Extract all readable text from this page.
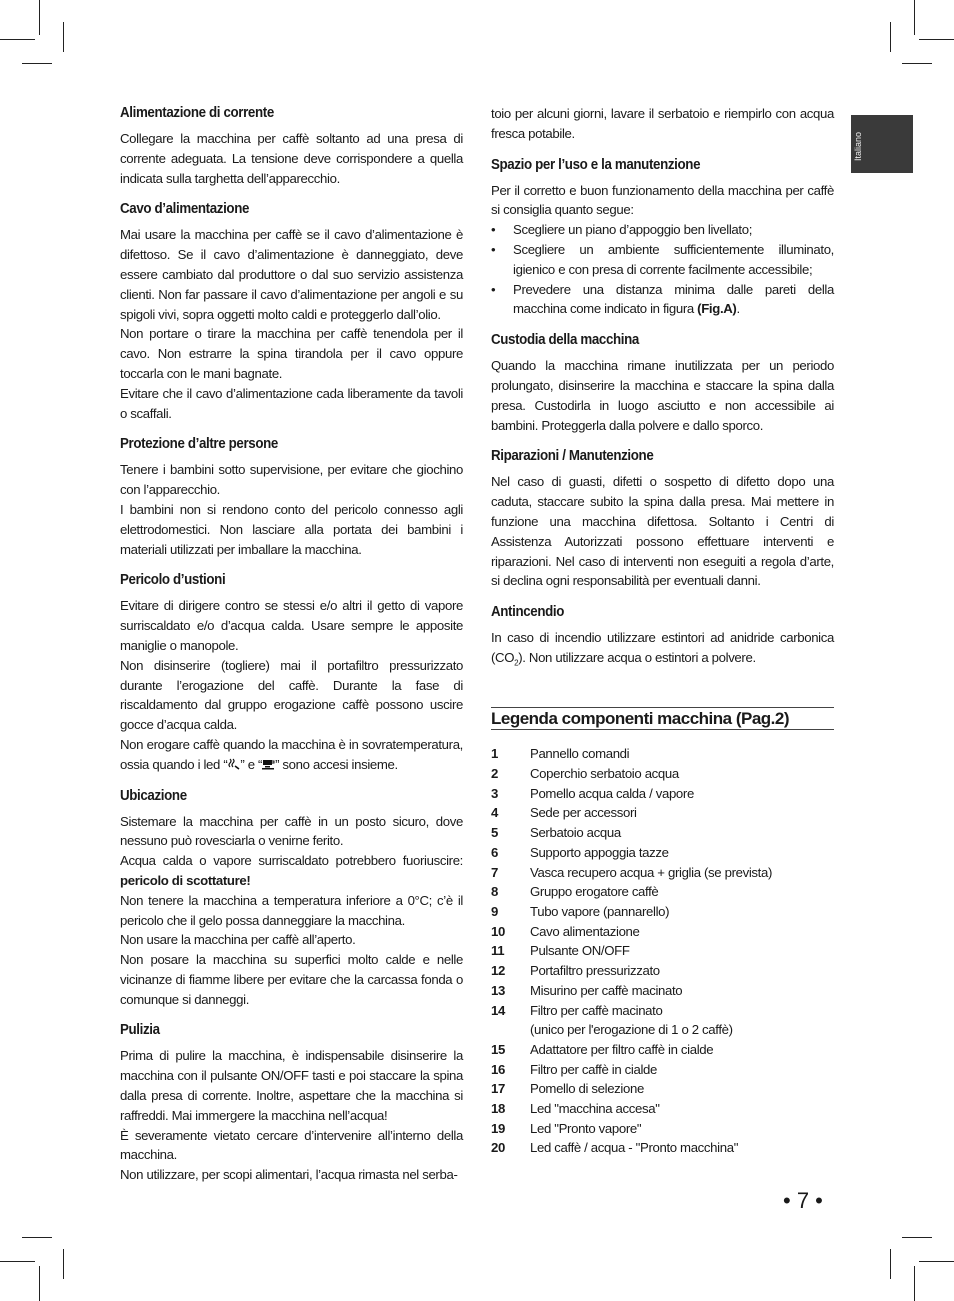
Italiano
Alimentazione di corrente

Collegare la macchina per caffè soltanto ad una presa di corrente adeguata. La tensione deve corrispondere a quella indicata sulla targhetta dell’apparecchio.

Cavo d’alimentazione

Mai usare la macchina per caffè se il cavo d’alimentazione è difettoso. Se il cavo d’alimentazione è danneggiato, deve essere cambiato dal produttore o dal suo servizio assistenza clienti. Non far passare il cavo d’alimentazione per angoli e su spigoli vivi, sopra oggetti molto caldi e proteggerlo dall’olio.

Non portare o tirare la macchina per caffè tenendola per il cavo. Non estrarre la spina tirandola per il cavo oppure toccarla con le mani bagnate.

Evitare che il cavo d’alimentazione cada liberamente da tavoli o scaffali.

Protezione d’altre persone

Tenere i bambini sotto supervisione, per evitare che giochino con l’apparecchio.

I bambini non si rendono conto del pericolo connesso agli elettrodomestici. Non lasciare alla portata dei bambini i materiali utilizzati per imballare la macchina.

Pericolo d’ustioni

Evitare di dirigere contro se stessi e/o altri il getto di vapore surriscaldato e/o d’acqua calda. Usare sempre le apposite maniglie o manopole.

Non disinserire (togliere) mai il portafiltro pressurizzato durante l’erogazione del caffè. Durante la fase di riscaldamento dal gruppo erogazione caffè possono uscire gocce d’acqua calda.

Non erogare caffè quando la macchina è in sovratemperatura, ossia quando i led “ ” e “ ” sono accesi insieme.

Ubicazione

Sistemare la macchina per caffè in un posto sicuro, dove nessuno può rovesciarla o venirne ferito.

Acqua calda o vapore surriscaldato potrebbero fuoriuscire: pericolo di scottature!

Non tenere la macchina a temperatura inferiore a 0°C; c’è il pericolo che il gelo possa danneggiare la macchina.

Non usare la macchina per caffè all’aperto.

Non posare la macchina su superfici molto calde e nelle vicinanze di fiamme libere per evitare che la carcassa fonda o comunque si danneggi.

Pulizia

Prima di pulire la macchina, è indispensabile disinserire la macchina con il pulsante ON/OFF tasti e poi staccare la spina dalla presa di corrente. Inoltre, aspettare che la macchina si raffreddi. Mai immergere la macchina nell’acqua!

È severamente vietato cercare d’intervenire all’interno della macchina.

Non utilizzare, per scopi alimentari, l’acqua rimasta nel serba-

toio per alcuni giorni, lavare il serbatoio e riempirlo con acqua fresca potabile.

Spazio per l’uso e la manutenzione

Per il corretto e buon funzionamento della macchina per caffè si consiglia quanto segue:

• Scegliere un piano d’appoggio ben livellato;
• Scegliere un ambiente sufficientemente illuminato, igienico e con presa di corrente facilmente accessibile;
• Prevedere una distanza minima dalle pareti della macchina come indicato in figura (Fig.A).
Custodia della macchina

Quando la macchina rimane inutilizzata per un periodo prolungato, disinserire la macchina e staccare la spina dalla presa. Custodirla in luogo asciutto e non accessibile ai bambini. Proteggerla dalla polvere e dallo sporco.

Riparazioni / Manutenzione

Nel caso di guasti, difetti o sospetto di difetto dopo una caduta, staccare subito la spina dalla presa. Mai mettere in funzione una macchina difettosa. Soltanto i Centri di Assistenza Autorizzati possono effettuare interventi e riparazioni. Nel caso di interventi non eseguiti a regola d’arte, si declina ogni responsabilità per eventuali danni.

Antincendio

In caso di incendio utilizzare estintori ad anidride carbonica $(CO_2)$. Non utilizzare acqua o estintori a polvere.

Legenda componenti macchina (Pag.2)
1	Pannello comandi
2	Coperchio serbatoio acqua
3	Pomello acqua calda / vapore
4	Sede per accessori
5	Serbatoio acqua
6	Supporto appoggia tazze
7	Vasca recupero acqua + griglia (se prevista)
8	Gruppo erogatore caffè
9	Tubo vapore (pannarello)
10	Cavo alimentazione
11	Pulsante ON/OFF
12	Portafiltro pressurizzato
13	Misurino per caffè macinato
14	Filtro per caffè macinato
(unico per l'erogazione di 1 o 2 caffè)
15	Adattatore per filtro caffè in cialde
16	Filtro per caffè in cialde
17	Pomello di selezione
18	Led "macchina accesa"
19	Led "Pronto vapore"
20	Led caffè / acqua - "Pronto macchina"
• 7 •
